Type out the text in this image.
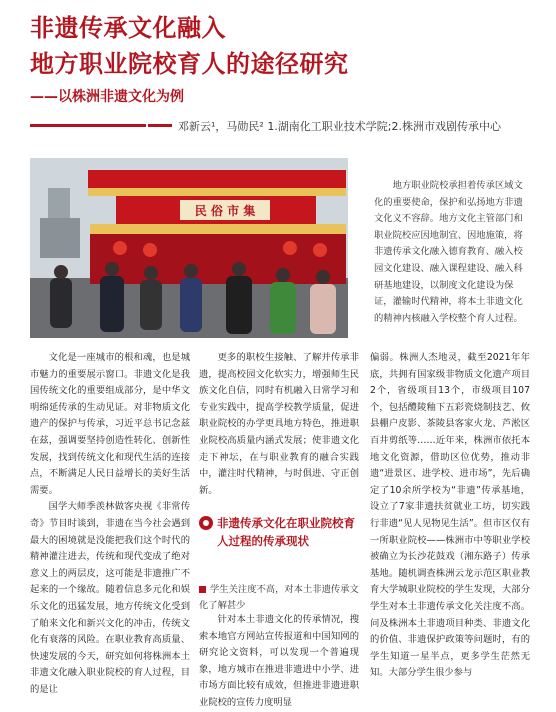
非遗传承文化融入
地方职业院校育人的途径研究
——以株洲非遗文化为例
邓新云¹，马勋民² 1.湖南化工职业技术学院;2.株洲市戏剧传承中心
民 俗 市 集

地方职业院校承担着传承区域文化的重要使命，保护和弘扬地方非遗文化义不容辞。地方文化主管部门和职业院校应因地制宜、因地施策，将非遗传承文化融入德育教育、融入校园文化建设、融入课程建设、融入科研基地建设，以制度文化建设为保证，灌输时代精神，将本土非遗文化的精神内核融入学校整个育人过程。

文化是一座城市的根和魂，也是城市魅力的重要展示窗口。非遗文化是我国传统文化的重要组成部分，是中华文明绵延传承的生动见证。对非物质文化遗产的保护与传承，习近平总书记念兹在兹，强调要坚持创造性转化、创新性发展，找到传统文化和现代生活的连接点，不断满足人民日益增长的美好生活需要。

国学大师季羡林做客央视《非常传奇》节目时谈到，非遗在当今社会遇到最大的困境就是没能把我们这个时代的精神灌注进去，传统和现代变成了绝对意义上的两层皮，这可能是非遗推广不起来的一个缘故。随着信息多元化和娱乐文化的迅猛发展，地方传统文化受到了舶来文化和新兴文化的冲击，传统文化有衰落的风险。在职业教育高质量、快速发展的今天，研究如何将株洲本土非遗文化融入职业院校的育人过程，目的是让

更多的职校生接触、了解并传承非遗，提高校园文化软实力，增强师生民族文化自信，同时有机融入日常学习和专业实践中，提高学校教学质量，促进职业院校的办学更具地方特色，推进职业院校高质量内涵式发展；使非遗文化走下神坛，在与职业教育的融合实践中，灌注时代精神，与时俱进、守正创新。

非遗传承文化在职业院校育人过程的传承现状
学生关注度不高，对本土非遗传承文化了解甚少

针对本土非遗文化的传承情况，搜索本地官方网站宣传报道和中国知网的研究论文资料，可以发现一个普遍现象，地方城市在推进非遗进中小学、进市场方面比较有成效，但推进非遗进职业院校的宣传力度明显

偏弱。株洲人杰地灵，截至2021年年底，共拥有国家级非物质文化遗产项目2个，省级项目13个，市级项目107个，包括醴陵釉下五彩瓷烧制技艺、攸县棚户皮影、茶陵县客家火龙、芦淞区百井剪纸等……近年来，株洲市依托本地文化资源，借助区位优势，推动非遗“进景区、进学校、进市场”，先后确定了10余所学校为“非遗”传承基地，设立了7家非遗扶贫就业工坊，切实践行非遗“见人见物见生活”。但市区仅有一所职业院校——株洲市中等职业学校被确立为长沙花鼓戏（湘东路子）传承基地。随机调查株洲云龙示范区职业教育大学城职业院校的学生发现，大部分学生对本土非遗传承文化关注度不高。问及株洲本土非遗项目种类、非遗文化的价值、非遗保护政策等问题时，有的学生知道一星半点，更多学生茫然无知。大部分学生很少参与
